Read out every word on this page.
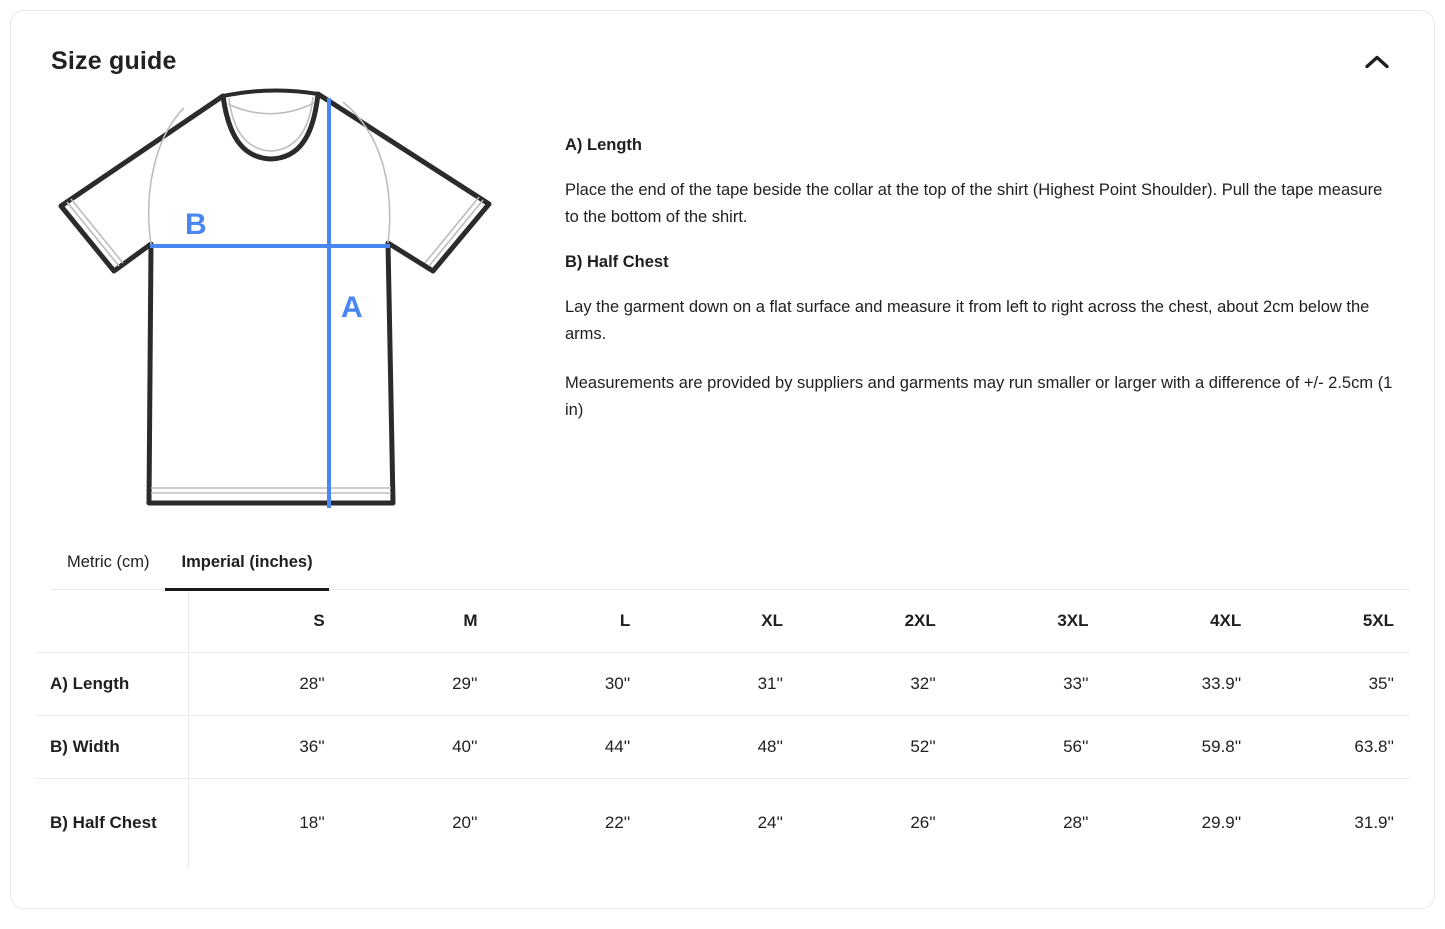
Size guide
B
A
A) Length

Place the end of the tape beside the collar at the top of the shirt (Highest Point Shoulder). Pull the tape measure to the bottom of the shirt.

B) Half Chest

Lay the garment down on a flat surface and measure it from left to right across the chest, about 2cm below the arms.

Measurements are provided by suppliers and garments may run smaller or larger with a difference of +/- 2.5cm (1 in)

Metric (cm)	Imperial (inches)
	S	M	L	XL	2XL	3XL	4XL	5XL
A) Length	28''	29''	30''	31''	32''	33''	33.9''	35''
B) Width	36''	40''	44''	48''	52''	56''	59.8''	63.8''
B) Half Chest	18''	20''	22''	24''	26''	28''	29.9''	31.9''
